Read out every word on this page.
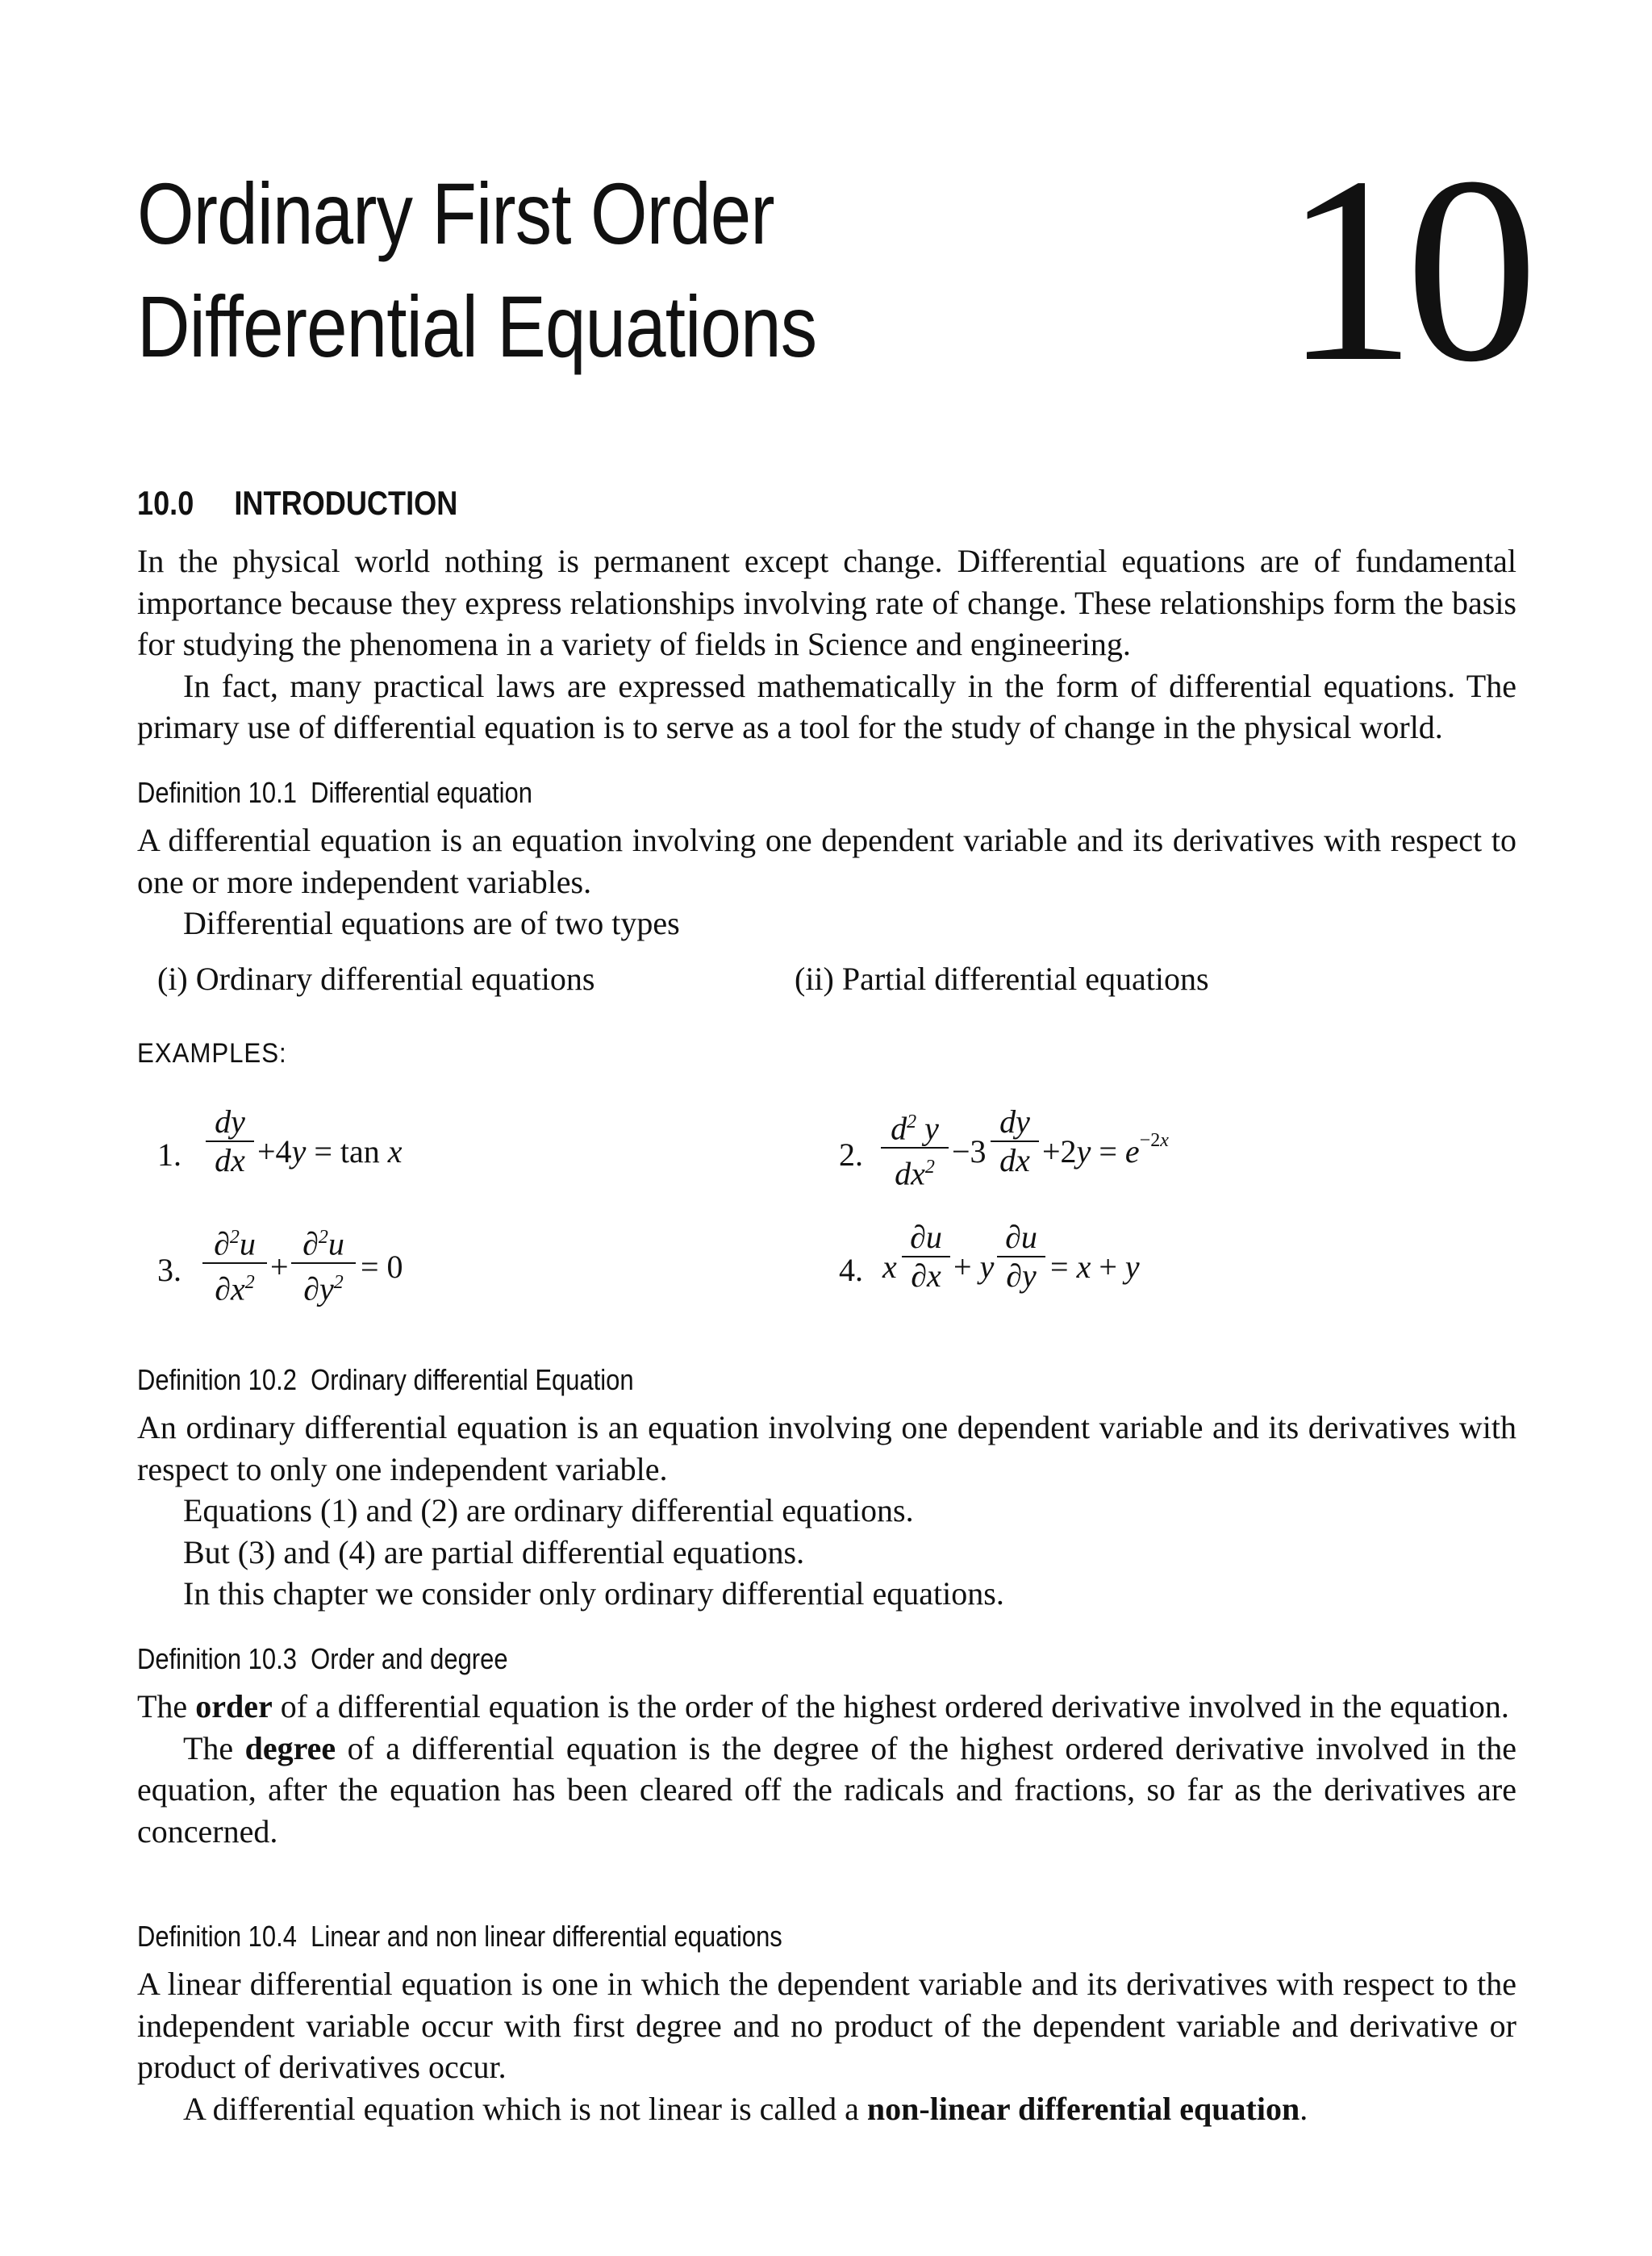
Ordinary First Order
Differential Equations	10
10.0 INTRODUCTION

In the physical world nothing is permanent except change. Differential equations are of fundamental importance because they express relationships involving rate of change. These relationships form the basis for studying the phenomena in a variety of fields in Science and engineering.

In fact, many practical laws are expressed mathematically in the form of differential equations. The primary use of differential equation is to serve as a tool for the study of change in the physical world.

Definition 10.1 Differential equation

A differential equation is an equation involving one dependent variable and its derivatives with respect to one or more independent variables.

Differential equations are of two types

(i) Ordinary differential equations	(ii) Partial differential equations
EXAMPLES:
1.
dy
dx +4y = tan x	2.
$d^2$ y
$dx^2 -3$
dy
dx $+2y = e^{-2x}$
3.
∂$^2$u
$\partial x^2$ +
∂$^2$u
$\partial y^2 = 0$	4. x
∂u
∂x + y
∂u
∂y = x + y
Definition 10.2 Ordinary differential Equation

An ordinary differential equation is an equation involving one dependent variable and its derivatives with respect to only one independent variable.

Equations (1) and (2) are ordinary differential equations.

But (3) and (4) are partial differential equations.

In this chapter we consider only ordinary differential equations.

Definition 10.3 Order and degree

The order of a differential equation is the order of the highest ordered derivative involved in the equation.

The degree of a differential equation is the degree of the highest ordered derivative involved in the equation, after the equation has been cleared off the radicals and fractions, so far as the derivatives are concerned.

Definition 10.4 Linear and non linear differential equations

A linear differential equation is one in which the dependent variable and its derivatives with respect to the independent variable occur with first degree and no product of the dependent variable and derivative or product of derivatives occur.

A differential equation which is not linear is called a non-linear differential equation.
